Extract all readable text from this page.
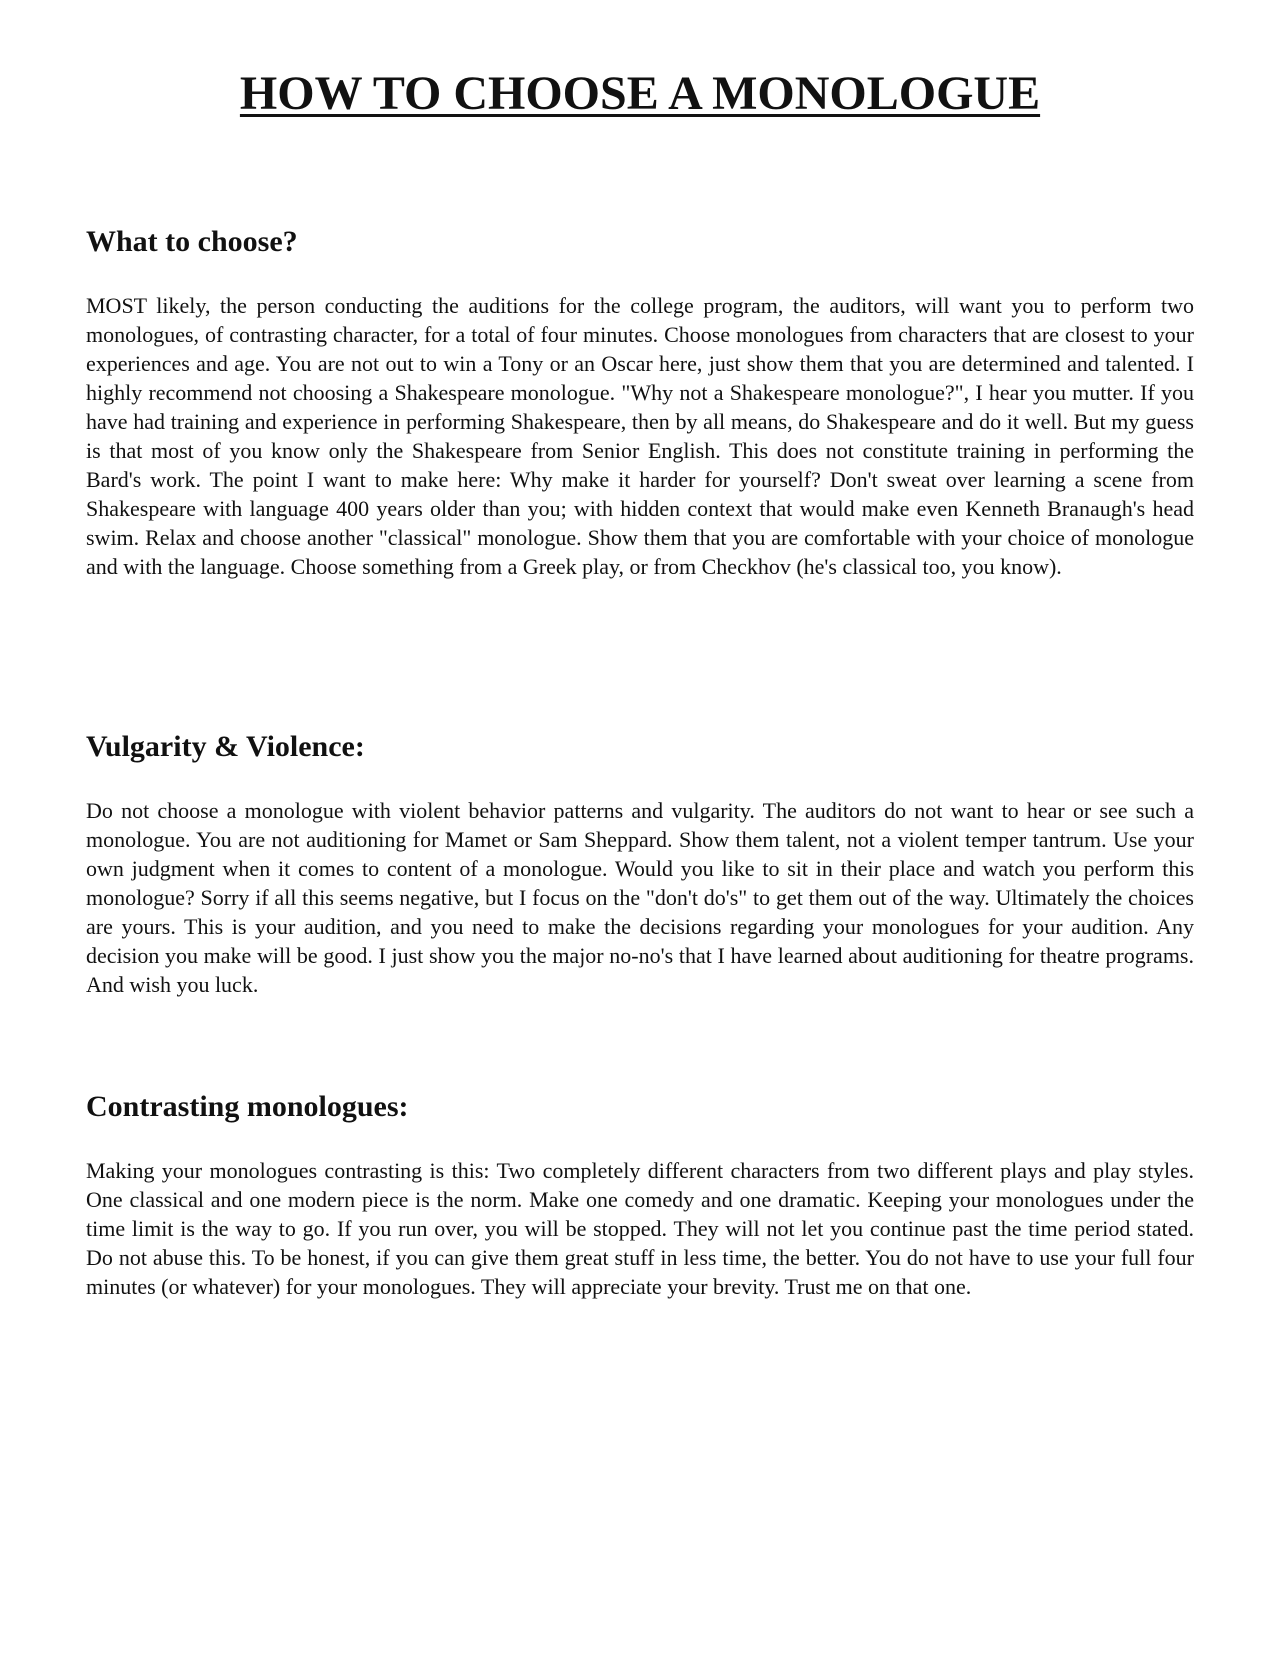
HOW TO CHOOSE A MONOLOGUE
What to choose?

MOST likely, the person conducting the auditions for the college program, the auditors, will want you to perform two monologues, of contrasting character, for a total of four minutes. Choose monologues from characters that are closest to your experiences and age. You are not out to win a Tony or an Oscar here, just show them that you are determined and talented. I highly recommend not choosing a Shakespeare monologue. "Why not a Shakespeare monologue?", I hear you mutter. If you have had training and experience in performing Shakespeare, then by all means, do Shakespeare and do it well. But my guess is that most of you know only the Shakespeare from Senior English. This does not constitute training in performing the Bard's work. The point I want to make here: Why make it harder for yourself? Don't sweat over learning a scene from Shakespeare with language 400 years older than you; with hidden context that would make even Kenneth Branaugh's head swim. Relax and choose another "classical" monologue. Show them that you are comfortable with your choice of monologue and with the language. Choose something from a Greek play, or from Checkhov (he's classical too, you know).

Vulgarity & Violence:

Do not choose a monologue with violent behavior patterns and vulgarity. The auditors do not want to hear or see such a monologue. You are not auditioning for Mamet or Sam Sheppard. Show them talent, not a violent temper tantrum. Use your own judgment when it comes to content of a monologue. Would you like to sit in their place and watch you perform this monologue? Sorry if all this seems negative, but I focus on the "don't do's" to get them out of the way. Ultimately the choices are yours. This is your audition, and you need to make the decisions regarding your monologues for your audition. Any decision you make will be good. I just show you the major no-no's that I have learned about auditioning for theatre programs. And wish you luck.

Contrasting monologues:

Making your monologues contrasting is this: Two completely different characters from two different plays and play styles. One classical and one modern piece is the norm. Make one comedy and one dramatic. Keeping your monologues under the time limit is the way to go. If you run over, you will be stopped. They will not let you continue past the time period stated. Do not abuse this. To be honest, if you can give them great stuff in less time, the better. You do not have to use your full four minutes (or whatever) for your monologues. They will appreciate your brevity. Trust me on that one.
